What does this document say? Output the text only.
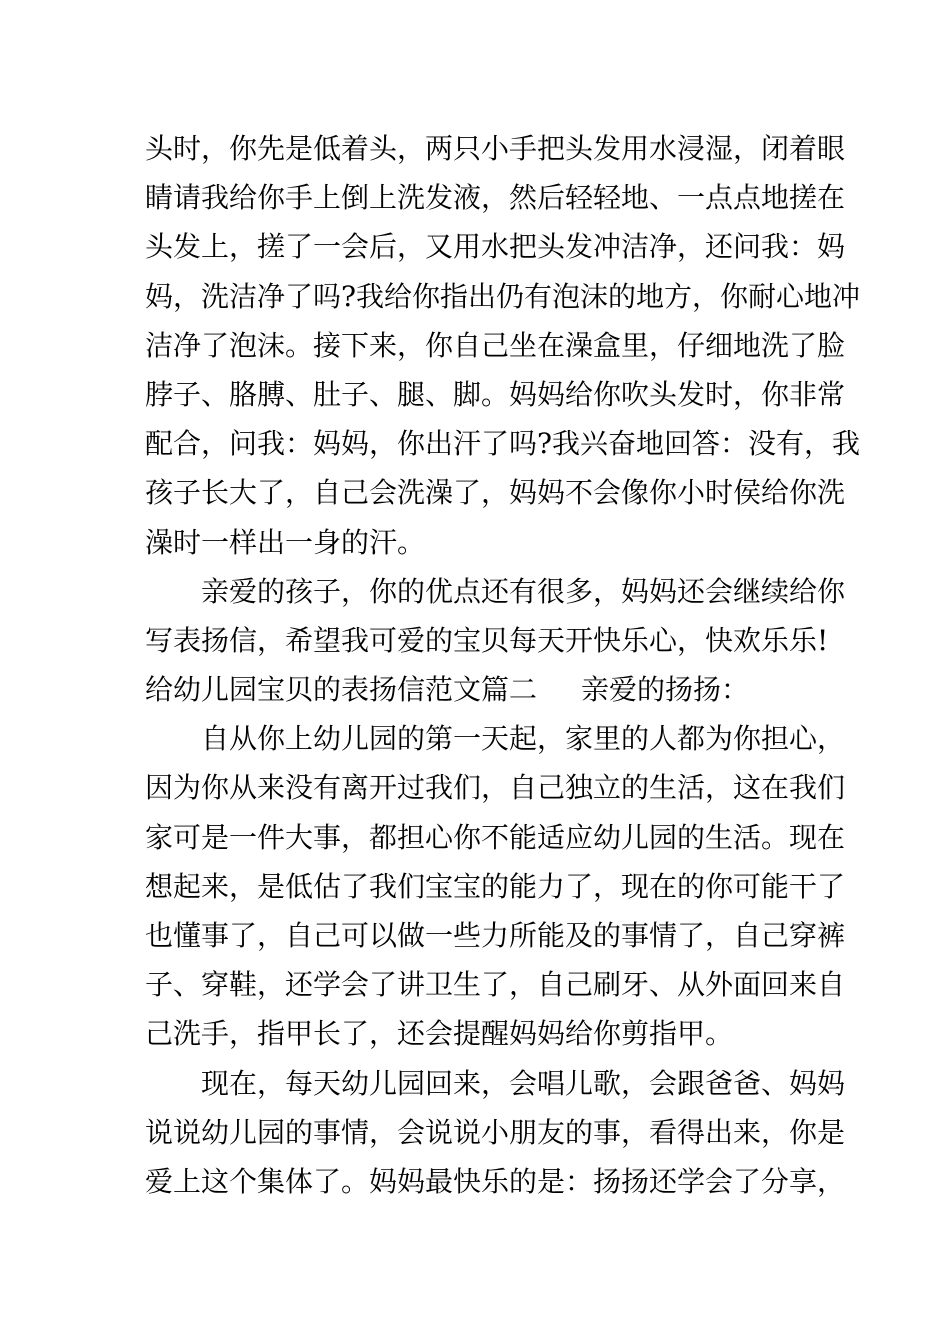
头时，你先是低着头，两只小手把头发用水浸湿，闭着眼
睛请我给你手上倒上洗发液，然后轻轻地、一点点地搓在
头发上，搓了一会后，又用水把头发冲洁净，还问我：妈
妈，洗洁净了吗?我给你指出仍有泡沫的地方，你耐心地冲
洁净了泡沫。接下来，你自己坐在澡盒里，仔细地洗了脸
脖子、胳膊、肚子、腿、脚。妈妈给你吹头发时，你非常
配合，问我：妈妈，你出汗了吗?我兴奋地回答：没有，我
孩子长大了，自己会洗澡了，妈妈不会像你小时侯给你洗
澡时一样出一身的汗。
亲爱的孩子，你的优点还有很多，妈妈还会继续给你
写表扬信，希望我可爱的宝贝每天开快乐心，快欢乐乐!
给幼儿园宝贝的表扬信范文篇二 亲爱的扬扬：
自从你上幼儿园的第一天起，家里的人都为你担心，
因为你从来没有离开过我们，自己独立的生活，这在我们
家可是一件大事，都担心你不能适应幼儿园的生活。现在
想起来，是低估了我们宝宝的能力了，现在的你可能干了
也懂事了，自己可以做一些力所能及的事情了，自己穿裤
子、穿鞋，还学会了讲卫生了，自己刷牙、从外面回来自
己洗手，指甲长了，还会提醒妈妈给你剪指甲。
现在，每天幼儿园回来，会唱儿歌，会跟爸爸、妈妈
说说幼儿园的事情，会说说小朋友的事，看得出来，你是
爱上这个集体了。妈妈最快乐的是：扬扬还学会了分享，
